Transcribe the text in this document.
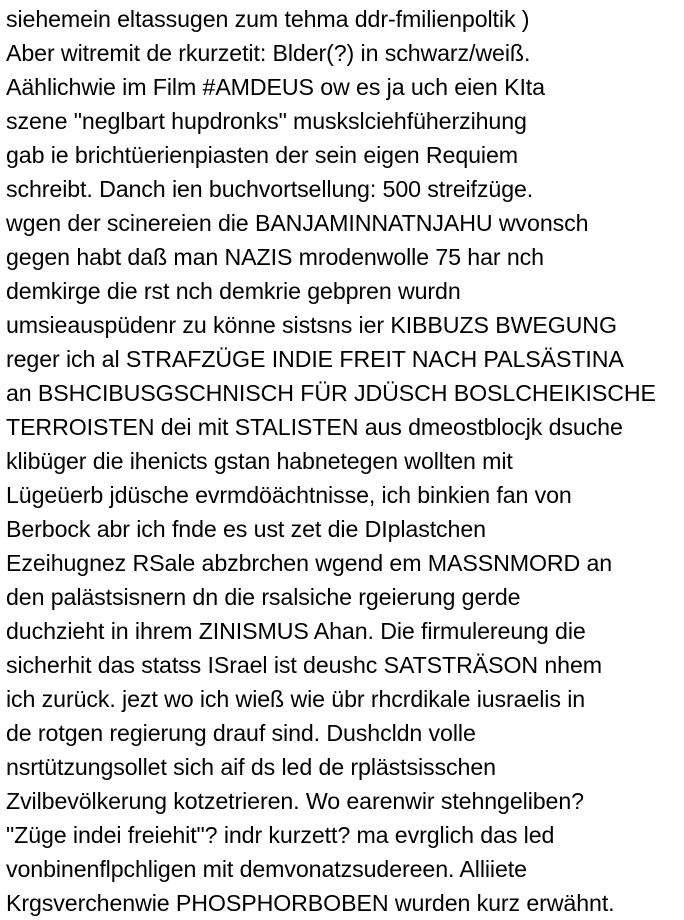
siehemein eltassugen zum tehma ddr-fmilienpoltik )
Aber witremit de rkurzetit: Blder(?) in schwarz/weiß.
Aählichwie im Film #AMDEUS ow es ja uch eien KIta
szene "neglbart hupdronks" muskslciehfüherzihung
gab ie brichtüerienpiasten der sein eigen Requiem
schreibt. Danch ien buchvortsellung: 500 streifzüge.
wgen der scinereien die BANJAMINNATNJAHU wvonsch
gegen habt daß man NAZIS mrodenwolle 75 har nch
demkirge die rst nch demkrie gebpren wurdn
umsieauspüdenr zu könne sistsns ier KIBBUZS BWEGUNG
reger ich al STRAFZÜGE INDIE FREIT NACH PALSÄSTINA
an BSHCIBUSGSCHNISCH FÜR JDÜSCH BOSLCHEIKISCHE
TERROISTEN dei mit STALISTEN aus dmeostblocjk dsuche
klibüger die ihenicts gstan habnetegen wollten mit
Lügeüerb jdüsche evrmdöächtnisse, ich binkien fan von
Berbock abr ich fnde es ust zet die DIplastchen
Ezeihugnez RSale abzbrchen wgend em MASSNMORD an
den palästsisnern dn die rsalsiche rgeierung gerde
duchzieht in ihrem ZINISMUS Ahan. Die firmulereung die
sicherhit das statss ISrael ist deushc SATSTRÄSON nhem
ich zurück. jezt wo ich wieß wie übr rhcrdikale iusraelis in
de rotgen regierung drauf sind. Dushcldn volle
nsrtützungsollet sich aif ds led de rplästsisschen
Zvilbevölkerung kotzetrieren. Wo earenwir stehngeliben?
"Züge indei freiehit"? indr kurzett? ma evrglich das led
vonbinenflpchligen mit demvonatzsudereen. Alliiete
Krgsverchenwie PHOSPHORBOBEN wurden kurz erwähnt.
